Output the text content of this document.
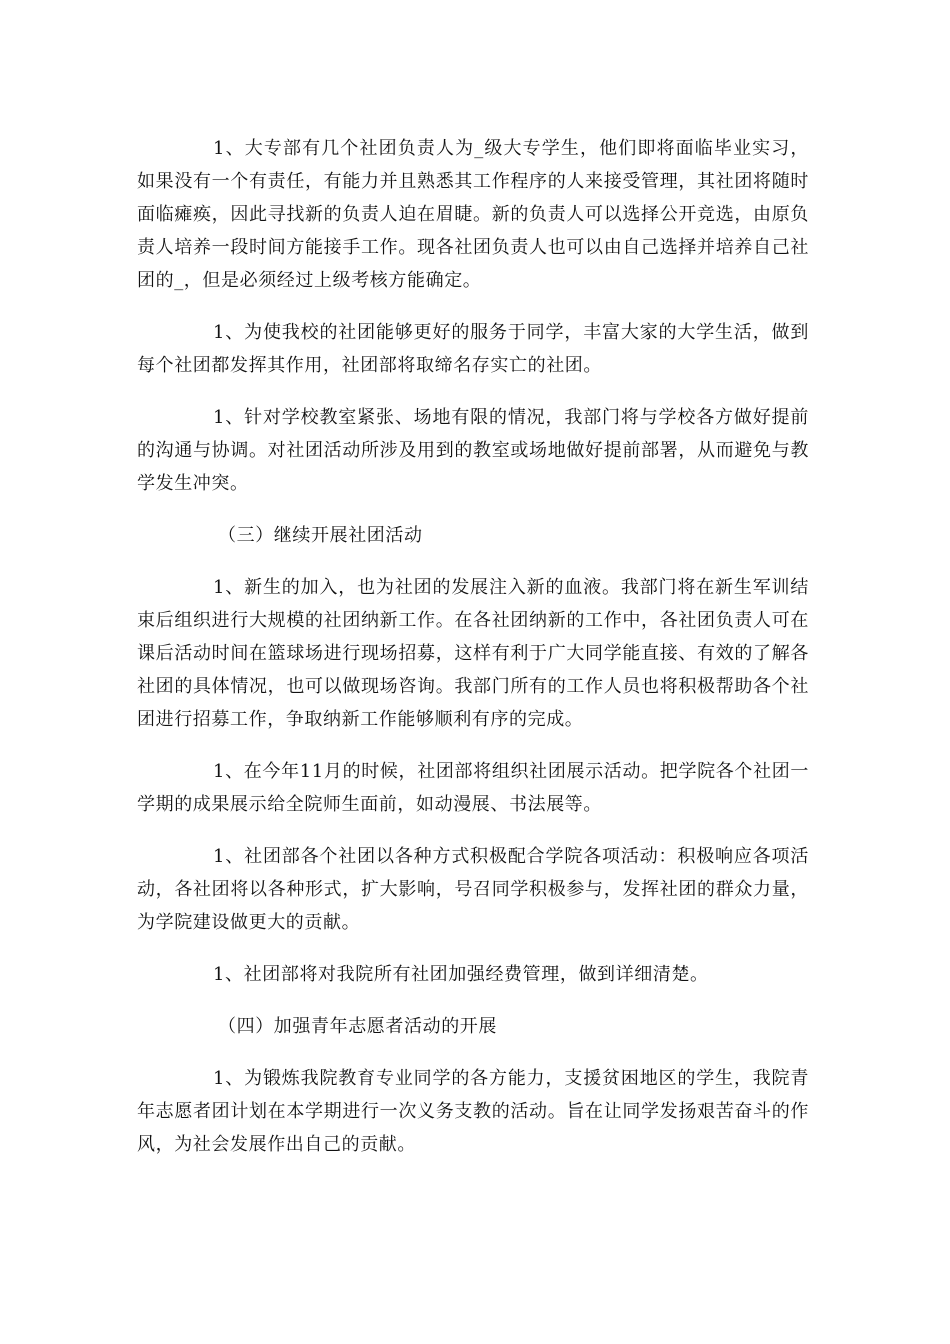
1、大专部有几个社团负责人为_级大专学生，他们即将面临毕业实习，如果没有一个有责任，有能力并且熟悉其工作程序的人来接受管理，其社团将随时面临瘫痪，因此寻找新的负责人迫在眉睫。新的负责人可以选择公开竞选，由原负责人培养一段时间方能接手工作。现各社团负责人也可以由自己选择并培养自己社团的_，但是必须经过上级考核方能确定。

1、为使我校的社团能够更好的服务于同学，丰富大家的大学生活，做到每个社团都发挥其作用，社团部将取缔名存实亡的社团。

1、针对学校教室紧张、场地有限的情况，我部门将与学校各方做好提前的沟通与协调。对社团活动所涉及用到的教室或场地做好提前部署，从而避免与教学发生冲突。

（三）继续开展社团活动

1、新生的加入，也为社团的发展注入新的血液。我部门将在新生军训结束后组织进行大规模的社团纳新工作。在各社团纳新的工作中，各社团负责人可在课后活动时间在篮球场进行现场招募，这样有利于广大同学能直接、有效的了解各社团的具体情况，也可以做现场咨询。我部门所有的工作人员也将积极帮助各个社团进行招募工作，争取纳新工作能够顺利有序的完成。

1、在今年11月的时候，社团部将组织社团展示活动。把学院各个社团一学期的成果展示给全院师生面前，如动漫展、书法展等。

1、社团部各个社团以各种方式积极配合学院各项活动：积极响应各项活动，各社团将以各种形式，扩大影响，号召同学积极参与，发挥社团的群众力量，为学院建设做更大的贡献。

1、社团部将对我院所有社团加强经费管理，做到详细清楚。

（四）加强青年志愿者活动的开展

1、为锻炼我院教育专业同学的各方能力，支援贫困地区的学生，我院青年志愿者团计划在本学期进行一次义务支教的活动。旨在让同学发扬艰苦奋斗的作风，为社会发展作出自己的贡献。
